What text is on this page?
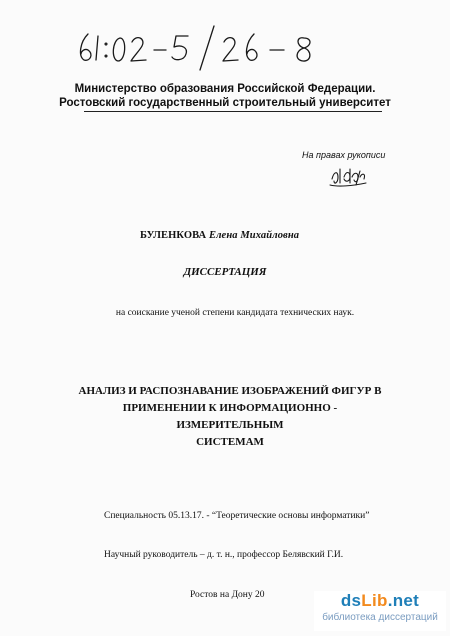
Министерство образования Российской Федерации.
Ростовский государственный строительный университет
На правах рукописи
БУЛЕНКОВА Елена Михайловна
ДИССЕРТАЦИЯ
на соискание ученой степени кандидата технических наук.
АНАЛИЗ И РАСПОЗНАВАНИЕ ИЗОБРАЖЕНИЙ ФИГУР В
ПРИМЕНЕНИИ К ИНФОРМАЦИОННО - ИЗМЕРИТЕЛЬНЫМ
СИСТЕМАМ
Специальность 05.13.17. - “Теоретические основы информатики”
Научный руководитель – д. т. н., профессор Белявский Г.И.
Ростов на Дону 20	dsLib.net
библиотека диссертаций
